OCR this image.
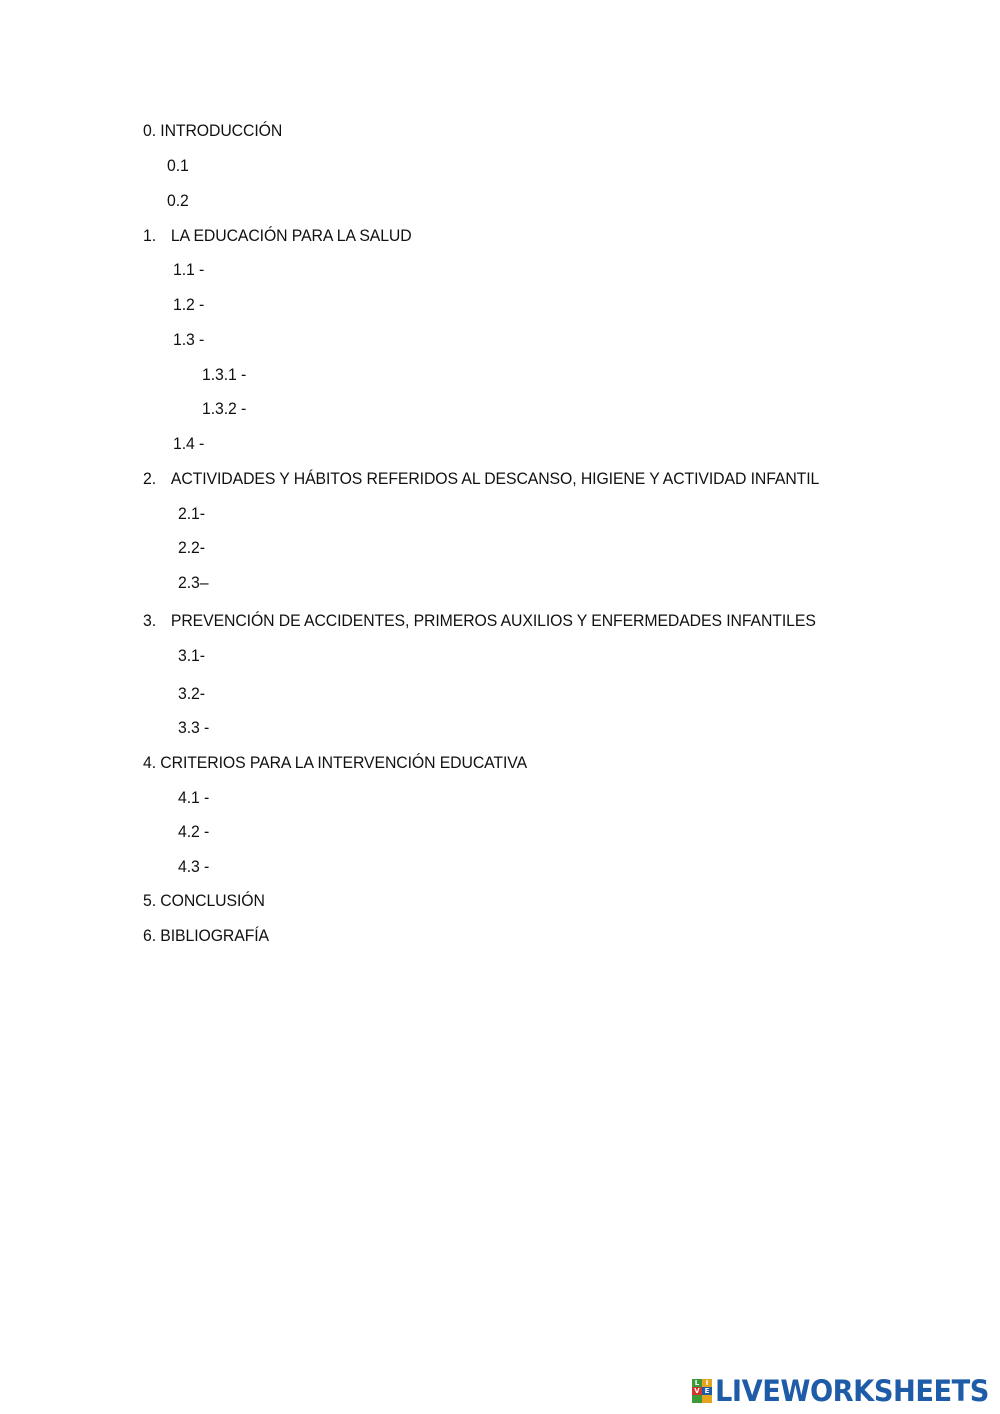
0. INTRODUCCIÓN
0.1
0.2
1. LA EDUCACIÓN PARA LA SALUD
1.1 -
1.2 -
1.3 -
1.3.1 -
1.3.2 -
1.4 -
2. ACTIVIDADES Y HÁBITOS REFERIDOS AL DESCANSO, HIGIENE Y ACTIVIDAD INFANTIL
2.1-
2.2-
2.3–
3. PREVENCIÓN DE ACCIDENTES, PRIMEROS AUXILIOS Y ENFERMEDADES INFANTILES
3.1-
3.2-
3.3 -
4. CRITERIOS PARA LA INTERVENCIÓN EDUCATIVA
4.1 -
4.2 -
4.3 -
5. CONCLUSIÓN
6. BIBLIOGRAFÍA
L I
V E LIVEWORKSHEETS
